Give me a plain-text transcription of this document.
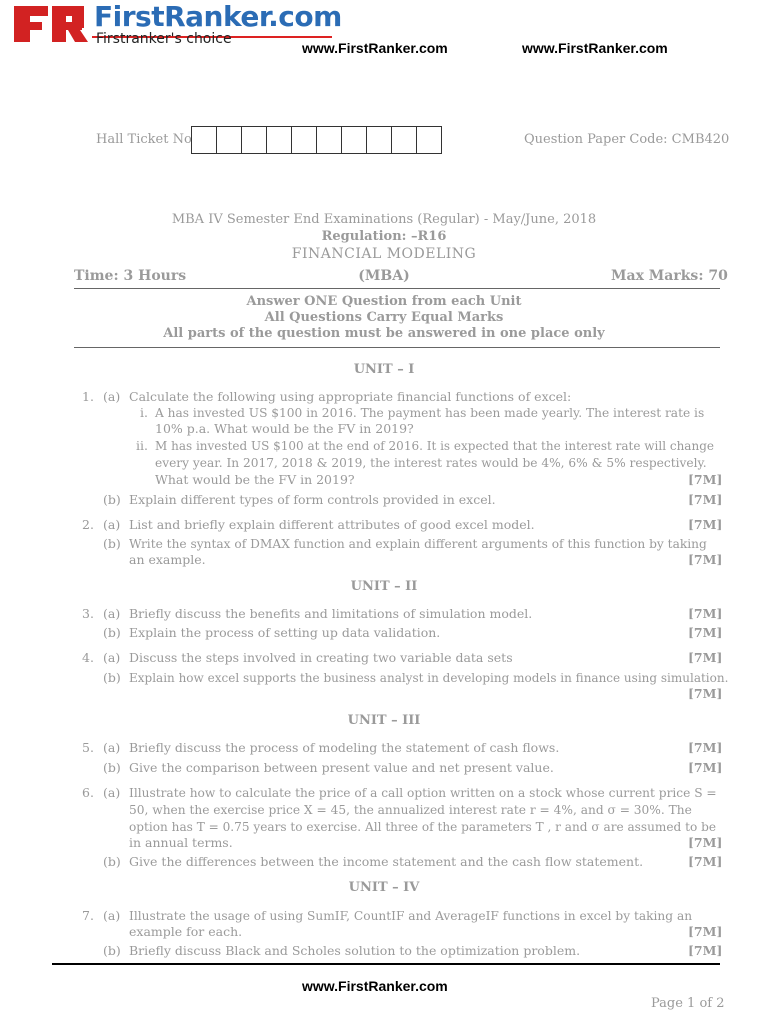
FirstRanker.com
Firstranker's choice
www.FirstRanker.com	www.FirstRanker.com
Hall Ticket No	Question Paper Code: CMB420
MBA IV Semester End Examinations (Regular) - May/June, 2018
Regulation: –R16
FINANCIAL MODELING
Time: 3 Hours	(MBA)	Max Marks: 70
Answer ONE Question from each Unit
All Questions Carry Equal Marks
All parts of the question must be answered in one place only
UNIT – I
1. (a) Calculate the following using appropriate financial functions of excel:
i. A has invested US $100 in 2016. The payment has been made yearly. The interest rate is
10% p.a. What would be the FV in 2019?
ii. M has invested US $100 at the end of 2016. It is expected that the interest rate will change
every year. In 2017, 2018 & 2019, the interest rates would be 4%, 6% & 5% respectively.
What would be the FV in 2019?	[7M]
(b) Explain different types of form controls provided in excel.	[7M]
2. (a) List and briefly explain different attributes of good excel model.	[7M]
(b) Write the syntax of DMAX function and explain different arguments of this function by taking
an example.	[7M]
UNIT – II
3. (a) Briefly discuss the benefits and limitations of simulation model.	[7M]
(b) Explain the process of setting up data validation.	[7M]
4. (a) Discuss the steps involved in creating two variable data sets	[7M]
(b) Explain how excel supports the business analyst in developing models in finance using simulation.
[7M]
UNIT – III
5. (a) Briefly discuss the process of modeling the statement of cash flows.	[7M]
(b) Give the comparison between present value and net present value.	[7M]
6. (a) Illustrate how to calculate the price of a call option written on a stock whose current price S =
50, when the exercise price X = 45, the annualized interest rate r = 4%, and σ = 30%. The
option has T = 0.75 years to exercise. All three of the parameters T , r and σ are assumed to be
in annual terms.	[7M]
(b) Give the differences between the income statement and the cash flow statement.	[7M]
UNIT – IV
7. (a) Illustrate the usage of using SumIF, CountIF and AverageIF functions in excel by taking an
example for each.	[7M]
(b) Briefly discuss Black and Scholes solution to the optimization problem.	[7M]
www.FirstRanker.com
Page 1 of 2
